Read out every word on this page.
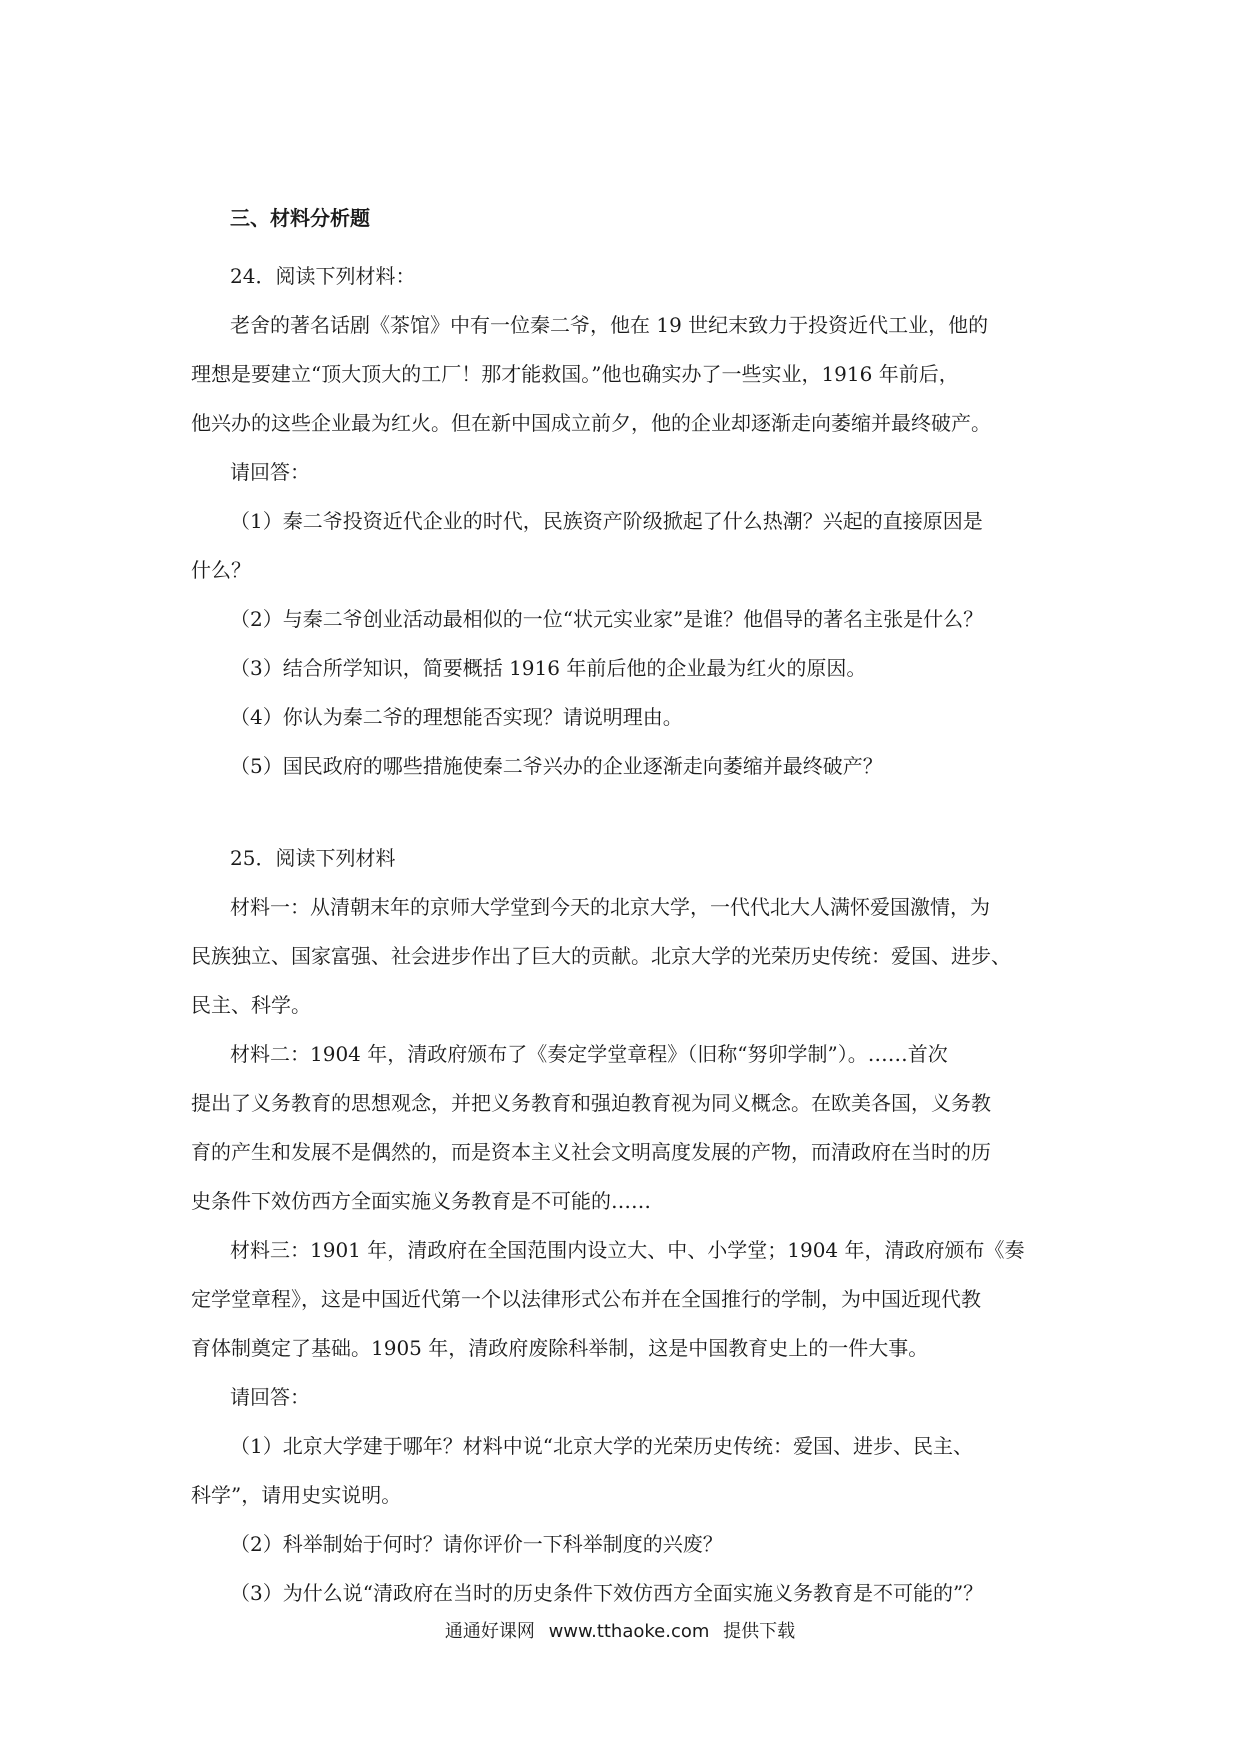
三、材料分析题

24．阅读下列材料：

老舍的著名话剧《茶馆》中有一位秦二爷，他在 19 世纪末致力于投资近代工业，他的

理想是要建立“顶大顶大的工厂！那才能救国。”他也确实办了一些实业，1916 年前后，

他兴办的这些企业最为红火。但在新中国成立前夕，他的企业却逐渐走向萎缩并最终破产。

请回答：

（1）秦二爷投资近代企业的时代，民族资产阶级掀起了什么热潮？兴起的直接原因是

什么？

（2）与秦二爷创业活动最相似的一位“状元实业家”是谁？他倡导的著名主张是什么？

（3）结合所学知识，简要概括 1916 年前后他的企业最为红火的原因。

（4）你认为秦二爷的理想能否实现？请说明理由。

（5）国民政府的哪些措施使秦二爷兴办的企业逐渐走向萎缩并最终破产？

25．阅读下列材料

材料一：从清朝末年的京师大学堂到今天的北京大学，一代代北大人满怀爱国激情，为

民族独立、国家富强、社会进步作出了巨大的贡献。北京大学的光荣历史传统：爱国、进步、

民主、科学。

材料二：1904 年，清政府颁布了《奏定学堂章程》（旧称“努卯学制”）。……首次

提出了义务教育的思想观念，并把义务教育和强迫教育视为同义概念。在欧美各国，义务教

育的产生和发展不是偶然的，而是资本主义社会文明高度发展的产物，而清政府在当时的历

史条件下效仿西方全面实施义务教育是不可能的……

材料三：1901 年，清政府在全国范围内设立大、中、小学堂；1904 年，清政府颁布《奏

定学堂章程》，这是中国近代第一个以法律形式公布并在全国推行的学制，为中国近现代教

育体制奠定了基础。1905 年，清政府废除科举制，这是中国教育史上的一件大事。

请回答：

（1）北京大学建于哪年？材料中说“北京大学的光荣历史传统：爱国、进步、民主、

科学”，请用史实说明。

（2）科举制始于何时？请你评价一下科举制度的兴废？

（3）为什么说“清政府在当时的历史条件下效仿西方全面实施义务教育是不可能的”？

通通好课网 www.tthaoke.com 提供下载
